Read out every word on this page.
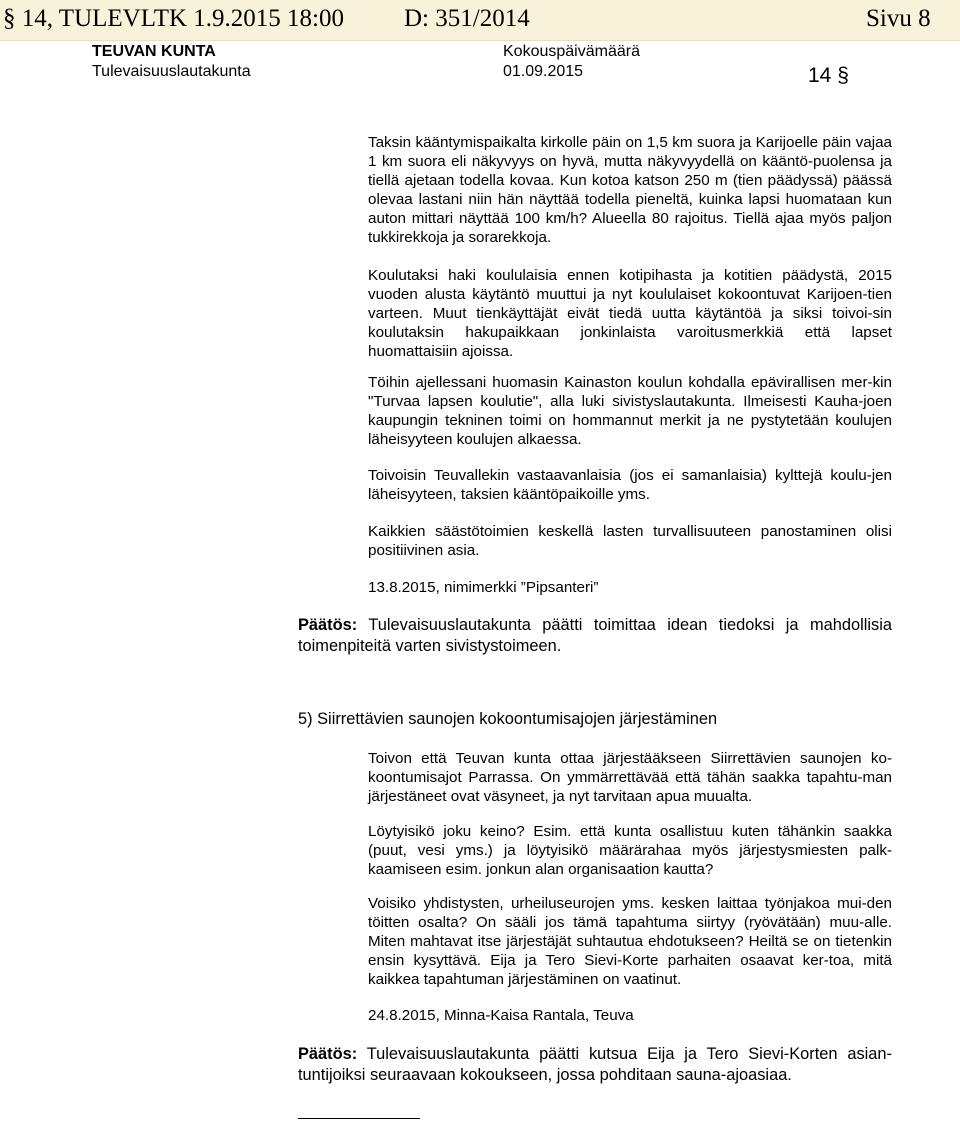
§ 14, TULEVLTK 1.9.2015 18:00 D: 351/2014	Sivu 8
TEUVAN KUNTA
Tulevaisuuslautakunta
Kokouspäivämäärä
01.09.2015	14 §

Taksin kääntymispaikalta kirkolle päin on 1,5 km suora ja Karijoelle päin vajaa 1 km suora eli näkyvyys on hyvä, mutta näkyvyydellä on kääntö-puolensa ja tiellä ajetaan todella kovaa. Kun kotoa katson 250 m (tien päädyssä) päässä olevaa lastani niin hän näyttää todella pieneltä, kuinka lapsi huomataan kun auton mittari näyttää 100 km/h? Alueella 80 rajoitus. Tiellä ajaa myös paljon tukkirekkoja ja sorarekkoja.

Koulutaksi haki koululaisia ennen kotipihasta ja kotitien päädystä, 2015 vuoden alusta käytäntö muuttui ja nyt koululaiset kokoontuvat Karijoen-tien varteen. Muut tienkäyttäjät eivät tiedä uutta käytäntöä ja siksi toivoi-sin koulutaksin hakupaikkaan jonkinlaista varoitusmerkkiä että lapset huomattaisiin ajoissa.

Töihin ajellessani huomasin Kainaston koulun kohdalla epävirallisen mer-kin "Turvaa lapsen koulutie", alla luki sivistyslautakunta. Ilmeisesti Kauha-joen kaupungin tekninen toimi on hommannut merkit ja ne pystytetään koulujen läheisyyteen koulujen alkaessa.

Toivoisin Teuvallekin vastaavanlaisia (jos ei samanlaisia) kylttejä koulu-jen läheisyyteen, taksien kääntöpaikoille yms.

Kaikkien säästötoimien keskellä lasten turvallisuuteen panostaminen olisi positiivinen asia.

13.8.2015, nimimerkki ”Pipsanteri”

Päätös: Tulevaisuuslautakunta päätti toimittaa idean tiedoksi ja mahdollisia toimenpiteitä varten sivistystoimeen.

5) Siirrettävien saunojen kokoontumisajojen järjestäminen

Toivon että Teuvan kunta ottaa järjestääkseen Siirrettävien saunojen ko-koontumisajot Parrassa. On ymmärrettävää että tähän saakka tapahtu-man järjestäneet ovat väsyneet, ja nyt tarvitaan apua muualta.

Löytyisikö joku keino? Esim. että kunta osallistuu kuten tähänkin saakka (puut, vesi yms.) ja löytyisikö määrärahaa myös järjestysmiesten palk-kaamiseen esim. jonkun alan organisaation kautta?

Voisiko yhdistysten, urheiluseurojen yms. kesken laittaa työnjakoa mui-den töitten osalta? On sääli jos tämä tapahtuma siirtyy (ryövätään) muu-alle. Miten mahtavat itse järjestäjät suhtautua ehdotukseen? Heiltä se on tietenkin ensin kysyttävä. Eija ja Tero Sievi-Korte parhaiten osaavat ker-toa, mitä kaikkea tapahtuman järjestäminen on vaatinut.

24.8.2015, Minna-Kaisa Rantala, Teuva

Päätös: Tulevaisuuslautakunta päätti kutsua Eija ja Tero Sievi-Korten asian-tuntijoiksi seuraavaan kokoukseen, jossa pohditaan sauna-ajoasiaa.
